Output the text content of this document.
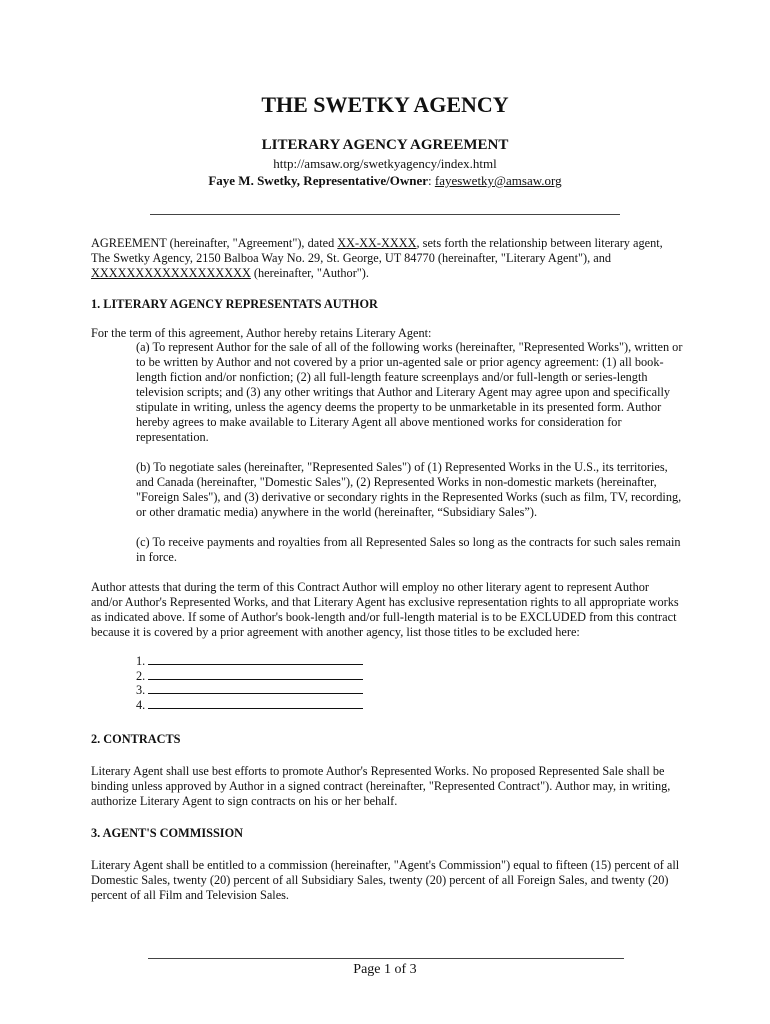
THE SWETKY AGENCY
LITERARY AGENCY AGREEMENT
http://amsaw.org/swetkyagency/index.html
Faye M. Swetky, Representative/Owner: fayeswetky@amsaw.org
AGREEMENT (hereinafter, "Agreement"), dated XX-XX-XXXX, sets forth the relationship between literary agent, The Swetky Agency, 2150 Balboa Way No. 29, St. George, UT 84770 (hereinafter, "Literary Agent"), and XXXXXXXXXXXXXXXXXX (hereinafter, "Author").
1. LITERARY AGENCY REPRESENTATS AUTHOR
For the term of this agreement, Author hereby retains Literary Agent:
(a) To represent Author for the sale of all of the following works (hereinafter, "Represented Works"), written or to be written by Author and not covered by a prior un-agented sale or prior agency agreement: (1) all book-length fiction and/or nonfiction; (2) all full-length feature screenplays and/or full-length or series-length television scripts; and (3) any other writings that Author and Literary Agent may agree upon and specifically stipulate in writing, unless the agency deems the property to be unmarketable in its presented form. Author hereby agrees to make available to Literary Agent all above mentioned works for consideration for representation.
(b) To negotiate sales (hereinafter, "Represented Sales") of (1) Represented Works in the U.S., its territories, and Canada (hereinafter, "Domestic Sales"), (2) Represented Works in non-domestic markets (hereinafter, "Foreign Sales"), and (3) derivative or secondary rights in the Represented Works (such as film, TV, recording, or other dramatic media) anywhere in the world (hereinafter, “Subsidiary Sales”).
(c) To receive payments and royalties from all Represented Sales so long as the contracts for such sales remain in force.
Author attests that during the term of this Contract Author will employ no other literary agent to represent Author and/or Author's Represented Works, and that Literary Agent has exclusive representation rights to all appropriate works as indicated above. If some of Author's book-length and/or full-length material is to be EXCLUDED from this contract because it is covered by a prior agreement with another agency, list those titles to be excluded here:
1.
2.
3.
4.
2. CONTRACTS
Literary Agent shall use best efforts to promote Author's Represented Works. No proposed Represented Sale shall be binding unless approved by Author in a signed contract (hereinafter, "Represented Contract"). Author may, in writing, authorize Literary Agent to sign contracts on his or her behalf.
3. AGENT'S COMMISSION
Literary Agent shall be entitled to a commission (hereinafter, "Agent's Commission") equal to fifteen (15) percent of all Domestic Sales, twenty (20) percent of all Subsidiary Sales, twenty (20) percent of all Foreign Sales, and twenty (20) percent of all Film and Television Sales.
Page 1 of 3
